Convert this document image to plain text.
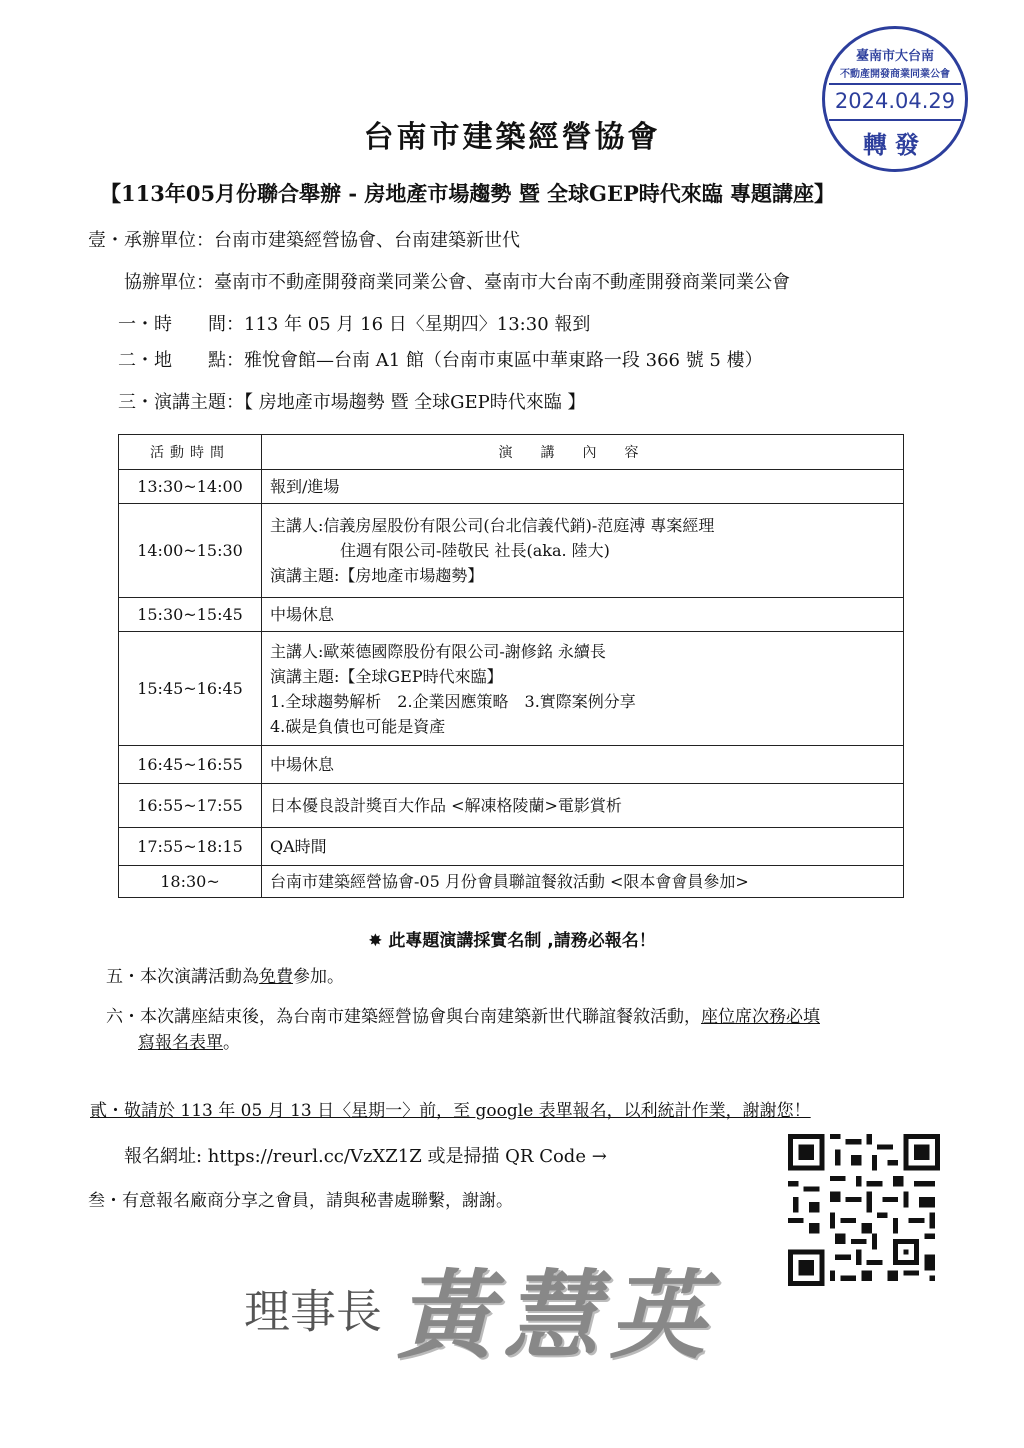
臺南市大台南
不動產開發商業同業公會
2024.04.29
轉發
台南市建築經營協會
【113年05月份聯合舉辦 - 房地產市場趨勢 暨 全球GEP時代來臨 專題講座】
壹・承辦單位：台南市建築經營協會、台南建築新世代
協辦單位：臺南市不動產開發商業同業公會、臺南市大台南不動產開發商業同業公會
一・時　　間：113 年 05 月 16 日〈星期四〉13:30 報到
二・地　　點：雅悅會館—台南 A1 館（台南市東區中華東路一段 366 號 5 樓）
三・演講主題：【 房地產市場趨勢 暨 全球GEP時代來臨 】
活動時間	演講內容
13:30~14:00	報到/進場
14:00~15:30	主講人:信義房屋股份有限公司(台北信義代銷)-范庭溥 專案經理
住週有限公司-陸敬民 社長(aka. 陸大)
演講主題:【房地產市場趨勢】

15:30~15:45	中場休息
15:45~16:45	主講人:歐萊德國際股份有限公司-謝修銘 永續長
演講主題:【全球GEP時代來臨】
1.全球趨勢解析　2.企業因應策略　3.實際案例分享
4.碳是負債也可能是資產

16:45~16:55	中場休息
16:55~17:55	日本優良設計獎百大作品 <解凍格陵蘭>電影賞析
17:55~18:15	QA時間
18:30~	台南市建築經營協會-05 月份會員聯誼餐敘活動 <限本會會員參加>
✸ 此專題演講採實名制 ,請務必報名！
五・本次演講活動為免費參加。
六・本次講座結束後，為台南市建築經營協會與台南建築新世代聯誼餐敘活動，座位席次務必填
寫報名表單。
貳・敬請於 113 年 05 月 13 日〈星期一〉前，至 google 表單報名，以利統計作業，謝謝您！
報名網址: https://reurl.cc/VzXZ1Z 或是掃描 QR Code →
叁・有意報名廠商分享之會員，請與秘書處聯繫，謝謝。
理事長 黃慧英
